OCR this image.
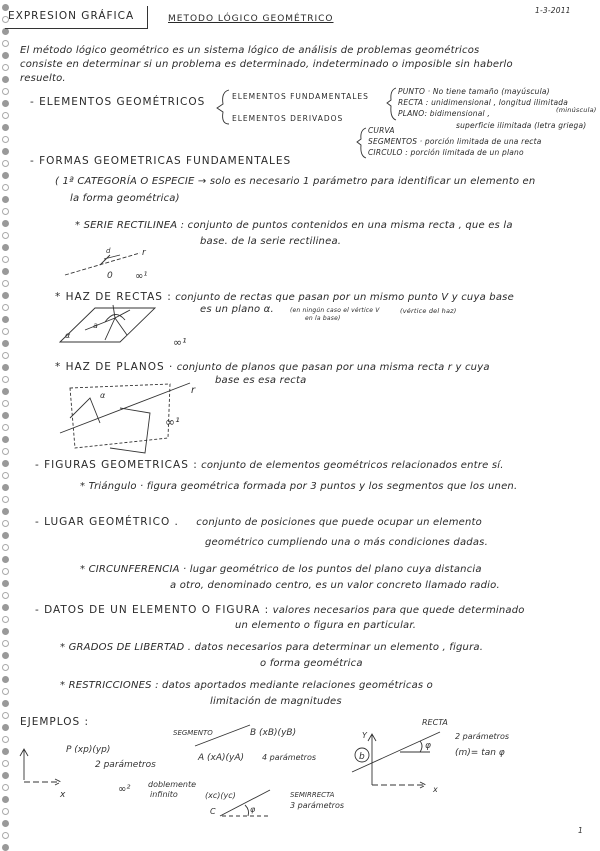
EXPRESION GRÁFICA	METODO LÓGICO GEOMÉTRICO
1-3-2011
El método lógico geométrico es un sistema lógico de análisis de problemas geométricos
consiste en determinar si un problema es determinado, indeterminado o imposible sin haberlo
resuelto.
- ELEMENTOS GEOMÉTRICOS	ELEMENTOS FUNDAMENTALES
ELEMENTOS DERIVADOS
PUNTO · No tiene tamaño (mayúscula)
RECTA : unidimensional , longitud ilimitada
(minúscula)
PLANO: bidimensional ,
superficie ilimitada (letra griega)
CURVA
SEGMENTOS · porción limitada de una recta
CIRCULO : porción limitada de un plano
- FORMAS GEOMETRICAS FUNDAMENTALES
( 1ª CATEGORÍA O ESPECIE → solo es necesario 1 parámetro para identificar un elemento en
la forma geométrica)
* SERIE RECTILINEA : conjunto de puntos contenidos en una misma recta , que es la
base. de la serie rectilinea.
r
d
0 ∞¹
* HAZ DE RECTAS : conjunto de rectas que pasan por un mismo punto V y cuya base
es un plano α.	(en ningún caso el vértice V
en la base)
(vértice del haz)
α
a
∞¹
* HAZ DE PLANOS · conjunto de planos que pasan por una misma recta r y cuya
base es esa recta
α	r
∞¹
- FIGURAS GEOMETRICAS : conjunto de elementos geométricos relacionados entre sí.
* Triángulo · figura geométrica formada por 3 puntos y los segmentos que los unen.
- LUGAR GEOMÉTRICO . conjunto de posiciones que puede ocupar un elemento
geométrico cumpliendo una o más condiciones dadas.
* CIRCUNFERENCIA · lugar geométrico de los puntos del plano cuya distancia
a otro, denominado centro, es un valor concreto llamado radio.
- DATOS DE UN ELEMENTO O FIGURA : valores necesarios para que quede determinado
un elemento o figura en particular.
* GRADOS DE LIBERTAD . datos necesarios para determinar un elemento , figura.
o forma geométrica
* RESTRICCIONES : datos aportados mediante relaciones geométricas o
limitación de magnitudes
EJEMPLOS :
x
P (xp)(yp)
2 parámetros
∞² doblemente
infinito
SEGMENTO	B (xB)(yB)
A (xA)(yA) 4 parámetros
(xc)(yc)
C	φ
SEMIRRECTA
3 parámetros
RECTA
b
Y
x
φ
2 parámetros
(m)= tan φ
1
